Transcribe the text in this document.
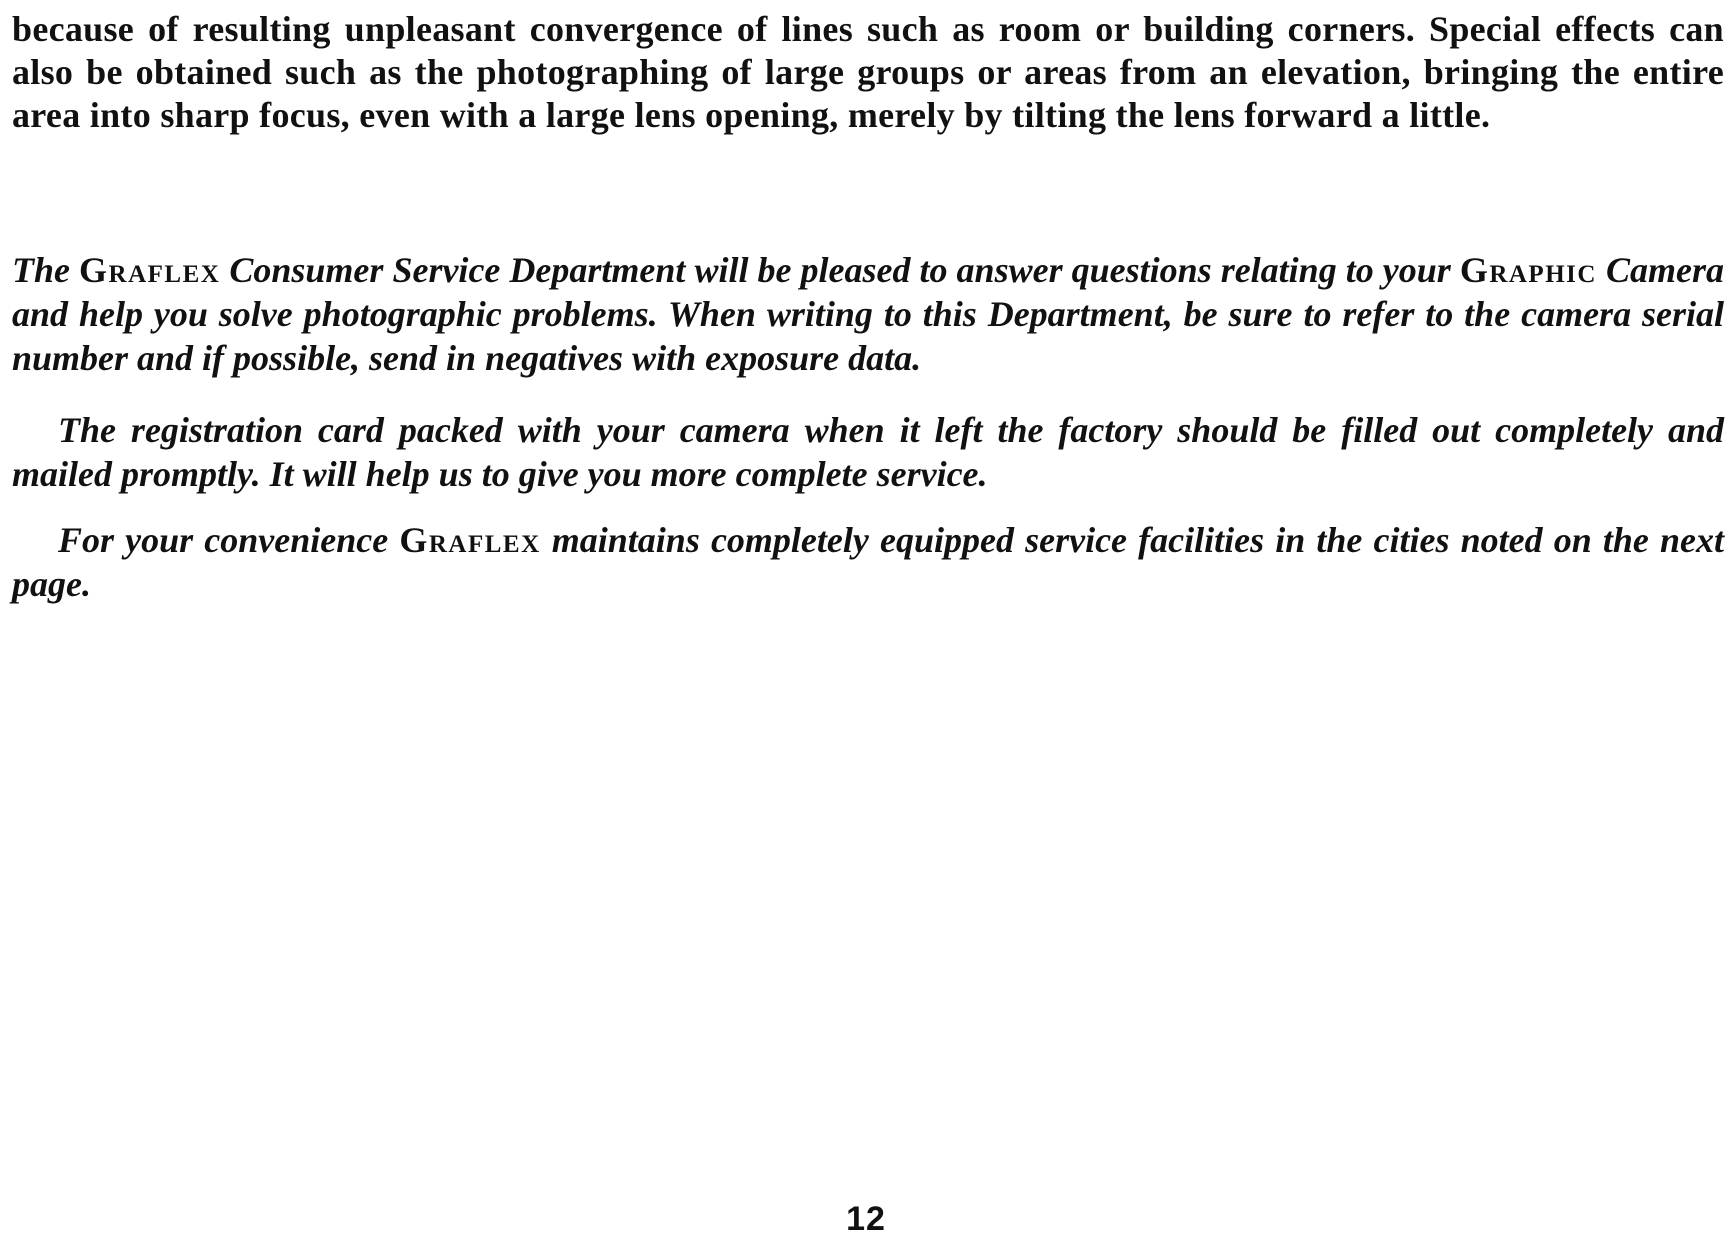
because of resulting unpleasant convergence of lines such as room or building corners. Special effects can also be obtained such as the photographing of large groups or areas from an elevation, bringing the entire area into sharp focus, even with a large lens opening, merely by tilting the lens forward a little.

The Graflex Consumer Service Department will be pleased to answer questions relating to your Graphic Camera and help you solve photographic problems. When writing to this Department, be sure to refer to the camera serial number and if possible, send in negatives with exposure data.

The registration card packed with your camera when it left the factory should be filled out completely and mailed promptly. It will help us to give you more complete service.

For your convenience Graflex maintains completely equipped service facilities in the cities noted on the next page.

12
